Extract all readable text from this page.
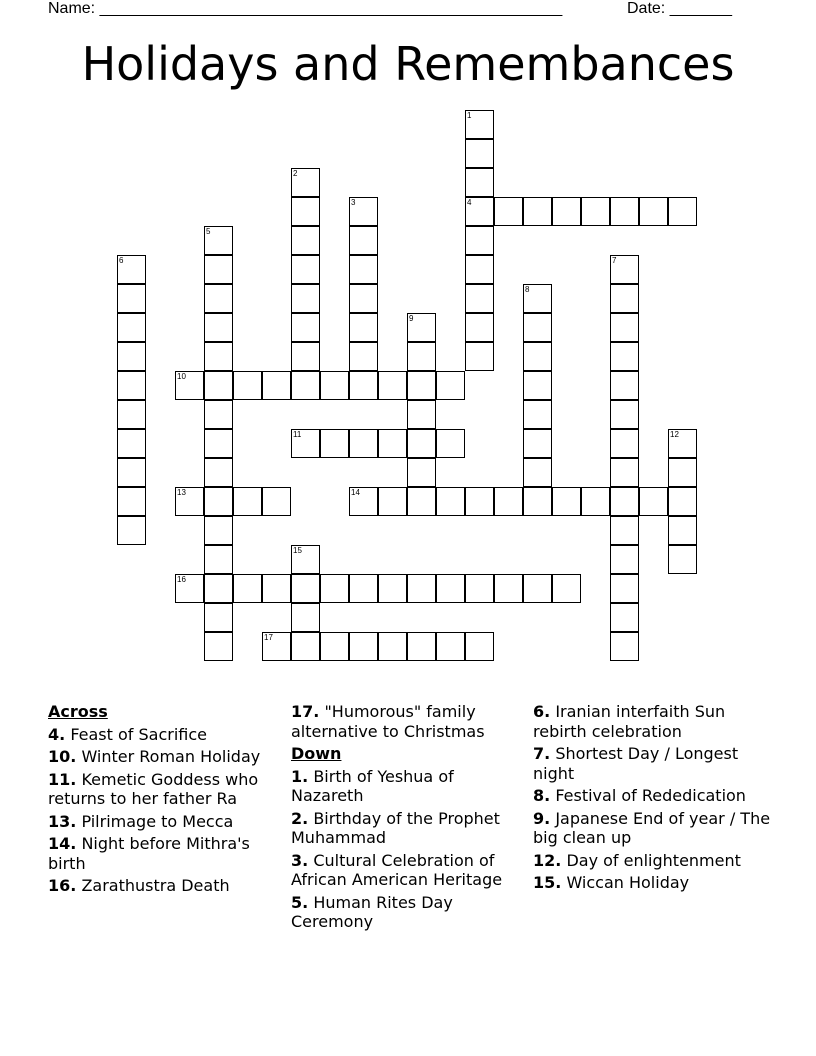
Name: ____________________________________________________	Date: _______
Holidays and Remembances
1
4
2
3
5
6	7
8
9
10
11	12
13	14
15
16
17
Across
4. Feast of Sacrifice
10. Winter Roman Holiday
11. Kemetic Goddess who returns to her father Ra
13. Pilrimage to Mecca
14. Night before Mithra's birth
16. Zarathustra Death
17. "Humorous" family alternative to Christmas
Down
1. Birth of Yeshua of Nazareth
2. Birthday of the Prophet Muhammad
3. Cultural Celebration of African American Heritage
5. Human Rites Day Ceremony
6. Iranian interfaith Sun rebirth celebration
7. Shortest Day / Longest night
8. Festival of Rededication
9. Japanese End of year / The big clean up
12. Day of enlightenment
15. Wiccan Holiday
